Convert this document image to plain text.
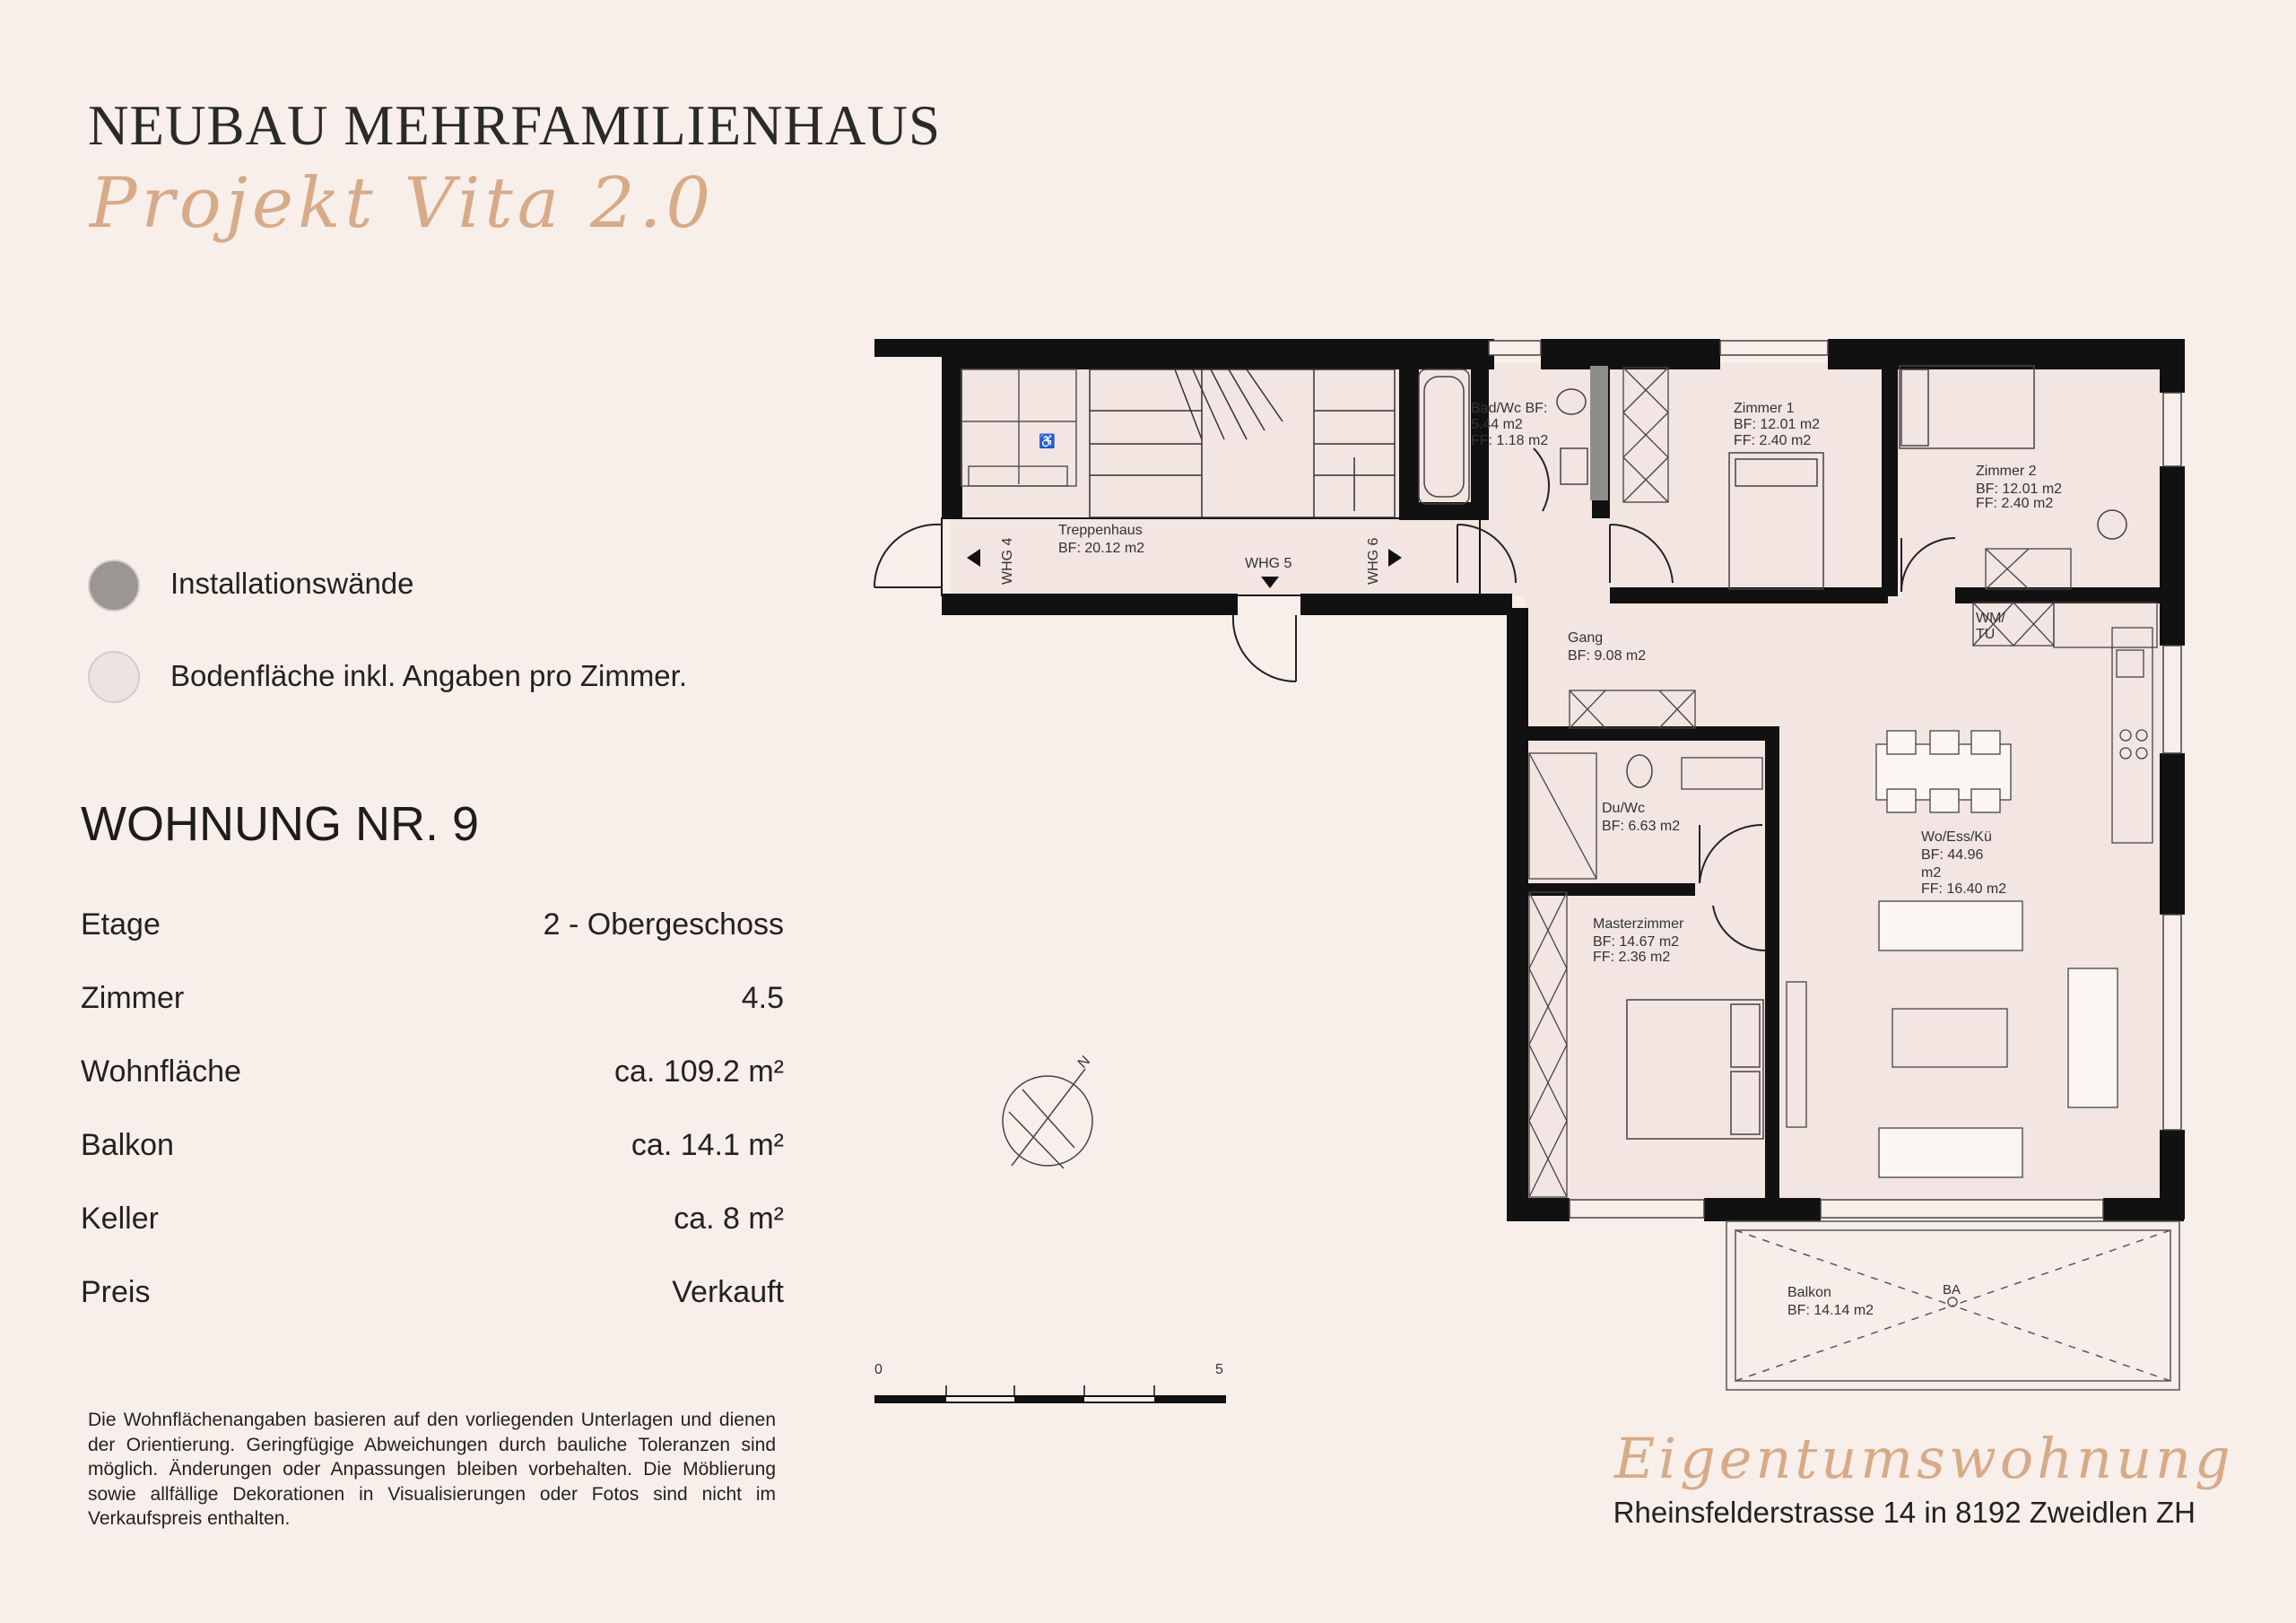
NEUBAU MEHRFAMILIENHAUS
Projekt Vita 2.0
Installationswände
Bodenfläche inkl. Angaben pro Zimmer.
WOHNUNG NR. 9
Etage	2 - Obergeschoss
Zimmer	4.5
Wohnfläche	ca. 109.2 m²
Balkon	ca. 14.1 m²
Keller	ca. 8 m²
Preis	Verkauft
Die Wohnflächenangaben basieren auf den vorliegenden Unterlagen und dienen der Orientierung. Geringfügige Abweichungen durch bauliche Toleranzen sind möglich. Änderungen oder Anpassungen bleiben vorbehalten. Die Möblierung sowie allfällige Dekorationen in Visualisierungen oder Fotos sind nicht im Verkaufspreis enthalten.
♿
Bad/Wc BF:
5.44 m2
FF: 1.18 m2
Zimmer 1
BF: 12.01 m2
FF: 2.40 m2
Zimmer 2
BF: 12.01 m2
FF: 2.40 m2
Treppenhaus
BF: 20.12 m2
Gang
BF: 9.08 m2
WM/
TU
Du/Wc
BF: 6.63 m2
Wo/Ess/Kü
BF: 44.96
m2
FF: 16.40 m2
Masterzimmer
BF: 14.67 m2
FF: 2.36 m2
Balkon
BF: 14.14 m2
BA
WHG 5
WHG 4	WHG 6
N
0	5
Eigentumswohnung
Rheinsfelderstrasse 14 in 8192 Zweidlen ZH
